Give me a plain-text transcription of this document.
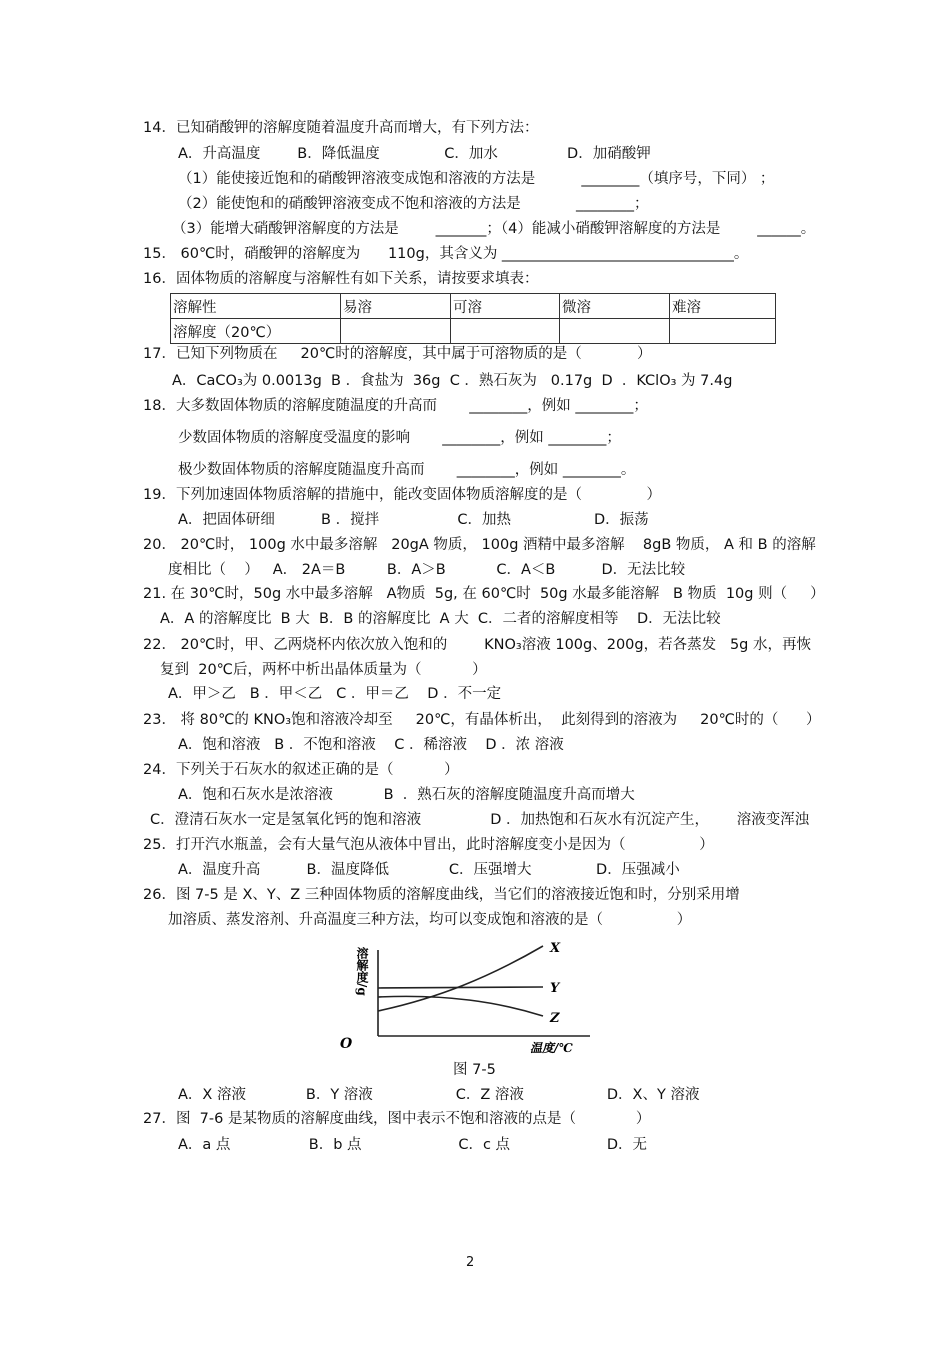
14．已知硝酸钾的溶解度随着温度升高而增大，有下列方法：
A．升高温度        B．降低温度              C．加水               D．加硝酸钾
（1）能使接近饱和的硝酸钾溶液变成饱和溶液的方法是          ________（填序号，下同） ；
（2）能使饱和的硝酸钾溶液变成不饱和溶液的方法是            ________；
（3）能增大硝酸钾溶解度的方法是        _______；（4）能减小硝酸钾溶解度的方法是        ______。
15． 60℃时，硝酸钾的溶解度为      110g，其含义为 ________________________________。
16．固体物质的溶解度与溶解性有如下关系，请按要求填表：
溶解性	易溶	可溶	微溶	难溶
溶解度（20℃）				
17．已知下列物质在     20℃时的溶解度，其中属于可溶物质的是（            ）
A．CaCO₃为 0.0013g  B ．食盐为  36g  C ．熟石灰为   0.17g  D  ．KClO₃ 为 7.4g
18．大多数固体物质的溶解度随温度的升高而       ________，例如 ________；
少数固体物质的溶解度受温度的影响       ________，例如 ________；
极少数固体物质的溶解度随温度升高而       ________，例如 ________。
19．下列加速固体物质溶解的措施中，能改变固体物质溶解度的是（              ）
A．把固体研细          B ．搅拌                 C．加热                  D．振荡
20． 20℃时， 100g 水中最多溶解   20gA 物质， 100g 酒精中最多溶解    8gB 物质， A 和 B 的溶解
度相比（    ）   A． 2A＝B         B．A＞B           C．A＜B          D．无法比较
21. 在 30℃时，50g 水中最多溶解   A物质  5g, 在 60℃时  50g 水最多能溶解   B 物质  10g 则（     ）
A．A 的溶解度比  B 大  B．B 的溶解度比  A 大  C．二者的溶解度相等    D．无法比较
22． 20℃时，甲、乙两烧杯内依次放入饱和的        KNO₃溶液 100g、200g，若各蒸发   5g 水，再恢
复到  20℃后，两杯中析出晶体质量为（           ）
A．甲＞乙   B ．甲＜乙   C ．甲＝乙    D ．不一定
23． 将 80℃的 KNO₃饱和溶液冷却至     20℃，有晶体析出，  此刻得到的溶液为     20℃时的（      ）
A．饱和溶液   B ．不饱和溶液    C ．稀溶液    D ．浓 溶液
24．下列关于石灰水的叙述正确的是（           ）
A．饱和石灰水是浓溶液           B  ．熟石灰的溶解度随温度升高而增大
C．澄清石灰水一定是氢氧化钙的饱和溶液               D ．加热饱和石灰水有沉淀产生，      溶液变浑浊
25．打开汽水瓶盖，会有大量气泡从液体中冒出，此时溶解度变小是因为（                ）
A．温度升高          B．温度降低             C．压强增大              D．压强减小
26．图 7-5 是 X、Y、Z 三种固体物质的溶解度曲线，当它们的溶液接近饱和时，分别采用增
加溶质、蒸发溶剂、升高温度三种方法，均可以变成饱和溶液的是（                ）
溶解度/g
O	温度/℃
X
Y
Z
图 7-5
A．X 溶液             B．Y 溶液                  C．Z 溶液                  D．X、Y 溶液
27．图  7-6 是某物质的溶解度曲线，图中表示不饱和溶液的点是（             ）
A．a 点                 B．b 点                     C．c 点                     D．无
2
